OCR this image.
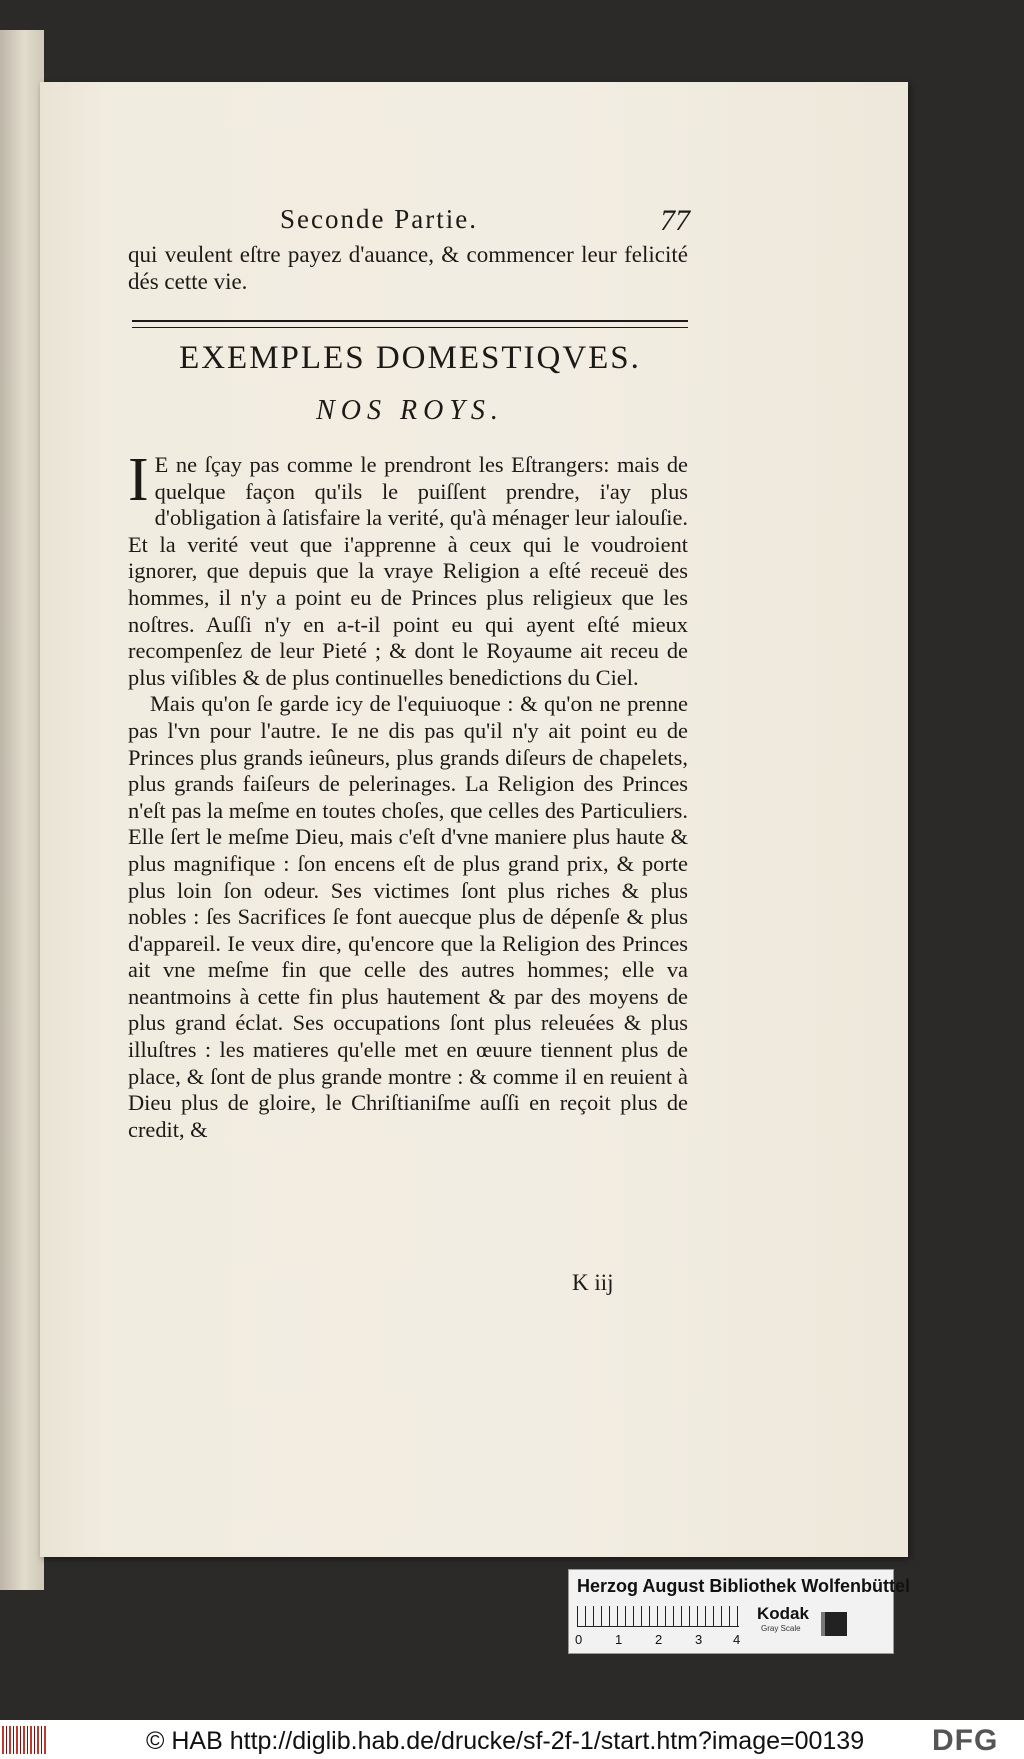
Seconde Partie.	77

qui veulent eſtre payez d'auance, & commencer leur felicité dés cette vie.

EXEMPLES DOMESTIQVES.
NOS ROYS.

I E ne ſçay pas comme le prendront les Eſtrangers: mais de quelque façon qu'ils le puiſſent prendre, i'ay plus d'obligation à ſatisfaire la verité, qu'à ménager leur ialouſie. Et la verité veut que i'apprenne à ceux qui le voudroient ignorer, que depuis que la vraye Religion a eſté receuë des hommes, il n'y a point eu de Princes plus religieux que les noſtres. Auſſi n'y en a-t-il point eu qui ayent eſté mieux recompenſez de leur Pieté ; & dont le Royaume ait receu de plus viſibles & de plus continuelles benedictions du Ciel.

Mais qu'on ſe garde icy de l'equiuoque : & qu'on ne prenne pas l'vn pour l'autre. Ie ne dis pas qu'il n'y ait point eu de Princes plus grands ieûneurs, plus grands diſeurs de chapelets, plus grands faiſeurs de pelerinages. La Religion des Princes n'eſt pas la meſme en toutes choſes, que celles des Particuliers. Elle ſert le meſme Dieu, mais c'eſt d'vne maniere plus haute & plus magnifique : ſon encens eſt de plus grand prix, & porte plus loin ſon odeur. Ses victimes ſont plus riches & plus nobles : ſes Sacrifices ſe font auecque plus de dépenſe & plus d'appareil. Ie veux dire, qu'encore que la Religion des Princes ait vne meſme fin que celle des autres hommes; elle va neantmoins à cette fin plus hautement & par des moyens de plus grand éclat. Ses occupations ſont plus releuées & plus illuſtres : les matieres qu'elle met en œuure tiennent plus de place, & ſont de plus grande montre : & comme il en reuient à Dieu plus de gloire, le Chriſtianiſme auſſi en reçoit plus de credit, &

K iij
Herzog August Bibliothek Wolfenbüttel
0	1	2	3 4
Kodak
Gray Scale
© HAB http://diglib.hab.de/drucke/sf-2f-1/start.htm?image=00139 DFG
